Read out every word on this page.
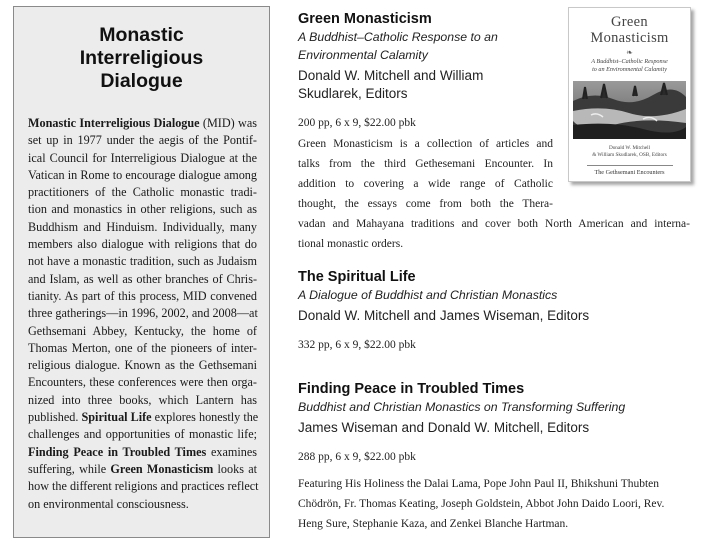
Monastic
Interreligious
Dialogue
Monastic Interreligious Dialogue (MID) was
set up in 1977 under the aegis of the Pontif-
ical Council for Interreligious Dialogue at the
Vatican in Rome to encourage dialogue among
practitioners of the Catholic monastic tradi-
tion and monastics in other religions, such as
Buddhism and Hinduism. Individually, many
members also dialogue with religions that do
not have a monastic tradition, such as Judaism
and Islam, as well as other branches of Chris-
tianity. As part of this process, MID convened
three gatherings—in 1996, 2002, and 2008—at
Gethsemani Abbey, Kentucky, the home of
Thomas Merton, one of the pioneers of inter-
religious dialogue. Known as the Gethsemani
Encounters, these conferences were then orga-
nized into three books, which Lantern has
published. Spiritual Life explores honestly the
challenges and opportunities of monastic life;
Finding Peace in Troubled Times examines
suffering, while Green Monasticism looks at
how the different religions and practices reflect
on environmental consciousness.
Green Monasticism
A Buddhist–Catholic Response to an
Environmental Calamity
Donald W. Mitchell and William
Skudlarek, Editors
200 pp, 6 x 9, $22.00 pbk
Green Monasticism is a collection of articles and
talks from the third Gethesemani Encounter. In
addition to covering a wide range of Catholic
thought, the essays come from both the Thera-
vadan and Mahayana traditions and cover both North American and interna-
tional monastic orders.
The Spiritual Life
A Dialogue of Buddhist and Christian Monastics
Donald W. Mitchell and James Wiseman, Editors
332 pp, 6 x 9, $22.00 pbk
Finding Peace in Troubled Times
Buddhist and Christian Monastics on Transforming Suffering
James Wiseman and Donald W. Mitchell, Editors
288 pp, 6 x 9, $22.00 pbk
Featuring His Holiness the Dalai Lama, Pope John Paul II, Bhikshuni Thubten
Chödrön, Fr. Thomas Keating, Joseph Goldstein, Abbot John Daido Loori, Rev.
Heng Sure, Stephanie Kaza, and Zenkei Blanche Hartman.
Green
Monasticism
❧
A Buddhist–Catholic Response
to an Environmental Calamity
Donald W. Mitchell
& William Skudlarek, OSB, Editors
The Gethsemani Encounters
